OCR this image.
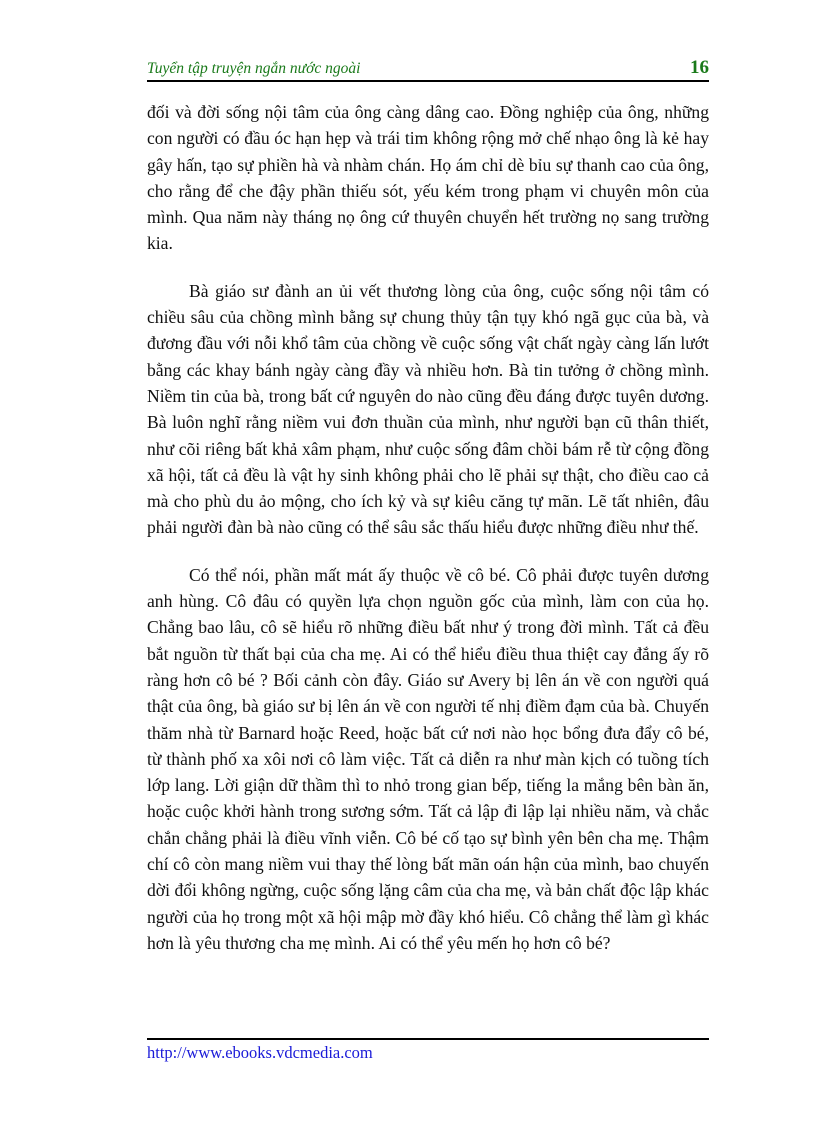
Tuyển tập truyện ngắn nước ngoài	16

đối và đời sống nội tâm của ông càng dâng cao. Đồng nghiệp của ông, những con người có đầu óc hạn hẹp và trái tim không rộng mở chế nhạo ông là kẻ hay gây hấn, tạo sự phiền hà và nhàm chán. Họ ám chỉ dè bỉu sự thanh cao của ông, cho rằng để che đậy phần thiếu sót, yếu kém trong phạm vi chuyên môn của mình. Qua năm này tháng nọ ông cứ thuyên chuyển hết trường nọ sang trường kia.

Bà giáo sư đành an ủi vết thương lòng của ông, cuộc sống nội tâm có chiều sâu của chồng mình bằng sự chung thủy tận tụy khó ngã gục của bà, và đương đầu với nỗi khổ tâm của chồng về cuộc sống vật chất ngày càng lấn lướt bằng các khay bánh ngày càng đầy và nhiều hơn. Bà tin tưởng ở chồng mình. Niềm tin của bà, trong bất cứ nguyên do nào cũng đều đáng được tuyên dương. Bà luôn nghĩ rằng niềm vui đơn thuần của mình, như người bạn cũ thân thiết, như cõi riêng bất khả xâm phạm, như cuộc sống đâm chồi bám rễ từ cộng đồng xã hội, tất cả đều là vật hy sinh không phải cho lẽ phải sự thật, cho điều cao cả mà cho phù du ảo mộng, cho ích kỷ và sự kiêu căng tự mãn. Lẽ tất nhiên, đâu phải người đàn bà nào cũng có thể sâu sắc thấu hiểu được những điều như thế.

Có thể nói, phần mất mát ấy thuộc về cô bé. Cô phải được tuyên dương anh hùng. Cô đâu có quyền lựa chọn nguồn gốc của mình, làm con của họ. Chẳng bao lâu, cô sẽ hiểu rõ những điều bất như ý trong đời mình. Tất cả đều bắt nguồn từ thất bại của cha mẹ. Ai có thể hiểu điều thua thiệt cay đắng ấy rõ ràng hơn cô bé ? Bối cảnh còn đây. Giáo sư Avery bị lên án về con người quá thật của ông, bà giáo sư bị lên án về con người tế nhị điềm đạm của bà. Chuyến thăm nhà từ Barnard hoặc Reed, hoặc bất cứ nơi nào học bổng đưa đẩy cô bé, từ thành phố xa xôi nơi cô làm việc. Tất cả diễn ra như màn kịch có tuồng tích lớp lang. Lời giận dữ thầm thì to nhỏ trong gian bếp, tiếng la mắng bên bàn ăn, hoặc cuộc khởi hành trong sương sớm. Tất cả lập đi lập lại nhiều năm, và chắc chắn chẳng phải là điều vĩnh viễn. Cô bé cố tạo sự bình yên bên cha mẹ. Thậm chí cô còn mang niềm vui thay thế lòng bất mãn oán hận của mình, bao chuyến dời đổi không ngừng, cuộc sống lặng câm của cha mẹ, và bản chất độc lập khác người của họ trong một xã hội mập mờ đầy khó hiểu. Cô chẳng thể làm gì khác hơn là yêu thương cha mẹ mình. Ai có thể yêu mến họ hơn cô bé?

http://www.ebooks.vdcmedia.com
